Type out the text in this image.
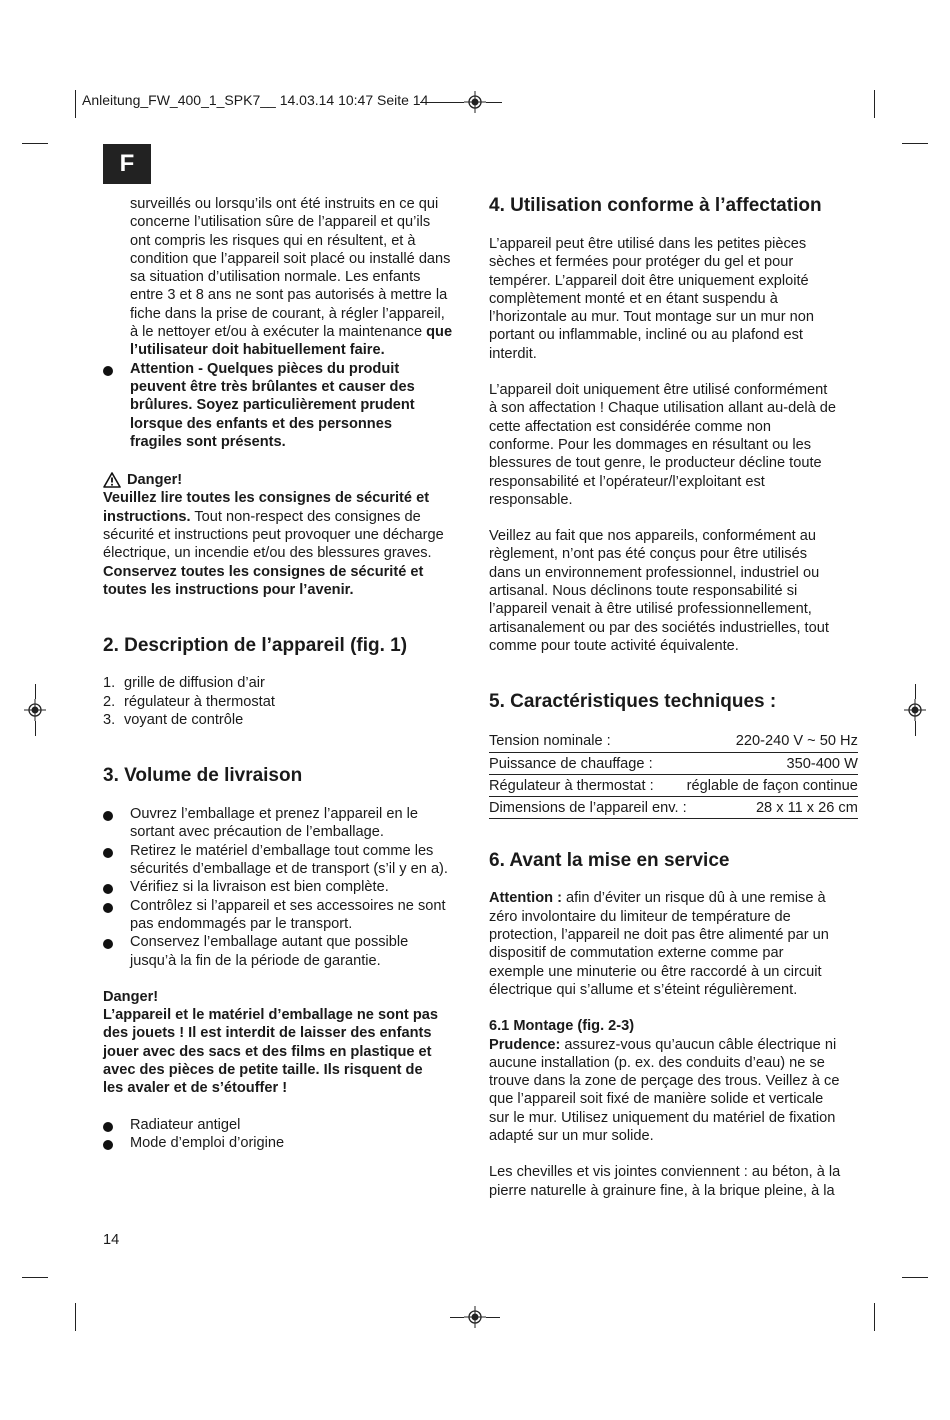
Anleitung_FW_400_1_SPK7__ 14.03.14 10:47 Seite 14
F
surveillés ou lorsqu’ils ont été instruits en ce qui
concerne l’utilisation sûre de l’appareil et qu’ils
ont compris les risques qui en résultent, et à
condition que l’appareil soit placé ou installé dans
sa situation d’utilisation normale. Les enfants
entre 3 et 8 ans ne sont pas autorisés à mettre la
fiche dans la prise de courant, à régler l’appareil,
à le nettoyer et/ou à exécuter la maintenance que
l’utilisateur doit habituellement faire.
Attention - Quelques pièces du produit
peuvent être très brûlantes et causer des
brûlures. Soyez particulièrement prudent
lorsque des enfants et des personnes
fragiles sont présents.
Danger!
Veuillez lire toutes les consignes de sécurité et
instructions. Tout non-respect des consignes de
sécurité et instructions peut provoquer une décharge
électrique, un incendie et/ou des blessures graves.
Conservez toutes les consignes de sécurité et
toutes les instructions pour l’avenir.
2. Description de l’appareil (fig. 1)
1. grille de diffusion d’air
2. régulateur à thermostat
3. voyant de contrôle
3. Volume de livraison
Ouvrez l’emballage et prenez l’appareil en le
sortant avec précaution de l’emballage.
Retirez le matériel d’emballage tout comme les
sécurités d’emballage et de transport (s’il y en a).
Vérifiez si la livraison est bien complète.
Contrôlez si l’appareil et ses accessoires ne sont
pas endommagés par le transport.
Conservez l’emballage autant que possible
jusqu’à la fin de la période de garantie.
Danger!
L’appareil et le matériel d’emballage ne sont pas
des jouets ! Il est interdit de laisser des enfants
jouer avec des sacs et des films en plastique et
avec des pièces de petite taille. Ils risquent de
les avaler et de s’étouffer !
Radiateur antigel
Mode d’emploi d’origine
4. Utilisation conforme à l’affectation
L’appareil peut être utilisé dans les petites pièces
sèches et fermées pour protéger du gel et pour
tempérer. L’appareil doit être uniquement exploité
complètement monté et en étant suspendu à
l’horizontale au mur. Tout montage sur un mur non
portant ou inflammable, incliné ou au plafond est
interdit.
L’appareil doit uniquement être utilisé conformément
à son affectation ! Chaque utilisation allant au-delà de
cette affectation est considérée comme non
conforme. Pour les dommages en résultant ou les
blessures de tout genre, le producteur décline toute
responsabilité et l’opérateur/l’exploitant est
responsable.
Veillez au fait que nos appareils, conformément au
règlement, n’ont pas été conçus pour être utilisés
dans un environnement professionnel, industriel ou
artisanal. Nous déclinons toute responsabilité si
l’appareil venait à être utilisé professionnellement,
artisanalement ou par des sociétés industrielles, tout
comme pour toute activité équivalente.
5. Caractéristiques techniques :
Tension nominale :	220-240 V ~ 50 Hz
Puissance de chauffage :	350-400 W
Régulateur à thermostat :	réglable de façon continue
Dimensions de l’appareil env. :	28 x 11 x 26 cm
6. Avant la mise en service
Attention : afin d’éviter un risque dû à une remise à
zéro involontaire du limiteur de température de
protection, l’appareil ne doit pas être alimenté par un
dispositif de commutation externe comme par
exemple une minuterie ou être raccordé à un circuit
électrique qui s’allume et s’éteint régulièrement.
6.1 Montage (fig. 2-3)
Prudence: assurez-vous qu’aucun câble électrique ni
aucune installation (p. ex. des conduits d’eau) ne se
trouve dans la zone de perçage des trous. Veillez à ce
que l’appareil soit fixé de manière solide et verticale
sur le mur. Utilisez uniquement du matériel de fixation
adapté sur un mur solide.
Les chevilles et vis jointes conviennent : au béton, à la
pierre naturelle à grainure fine, à la brique pleine, à la
14
